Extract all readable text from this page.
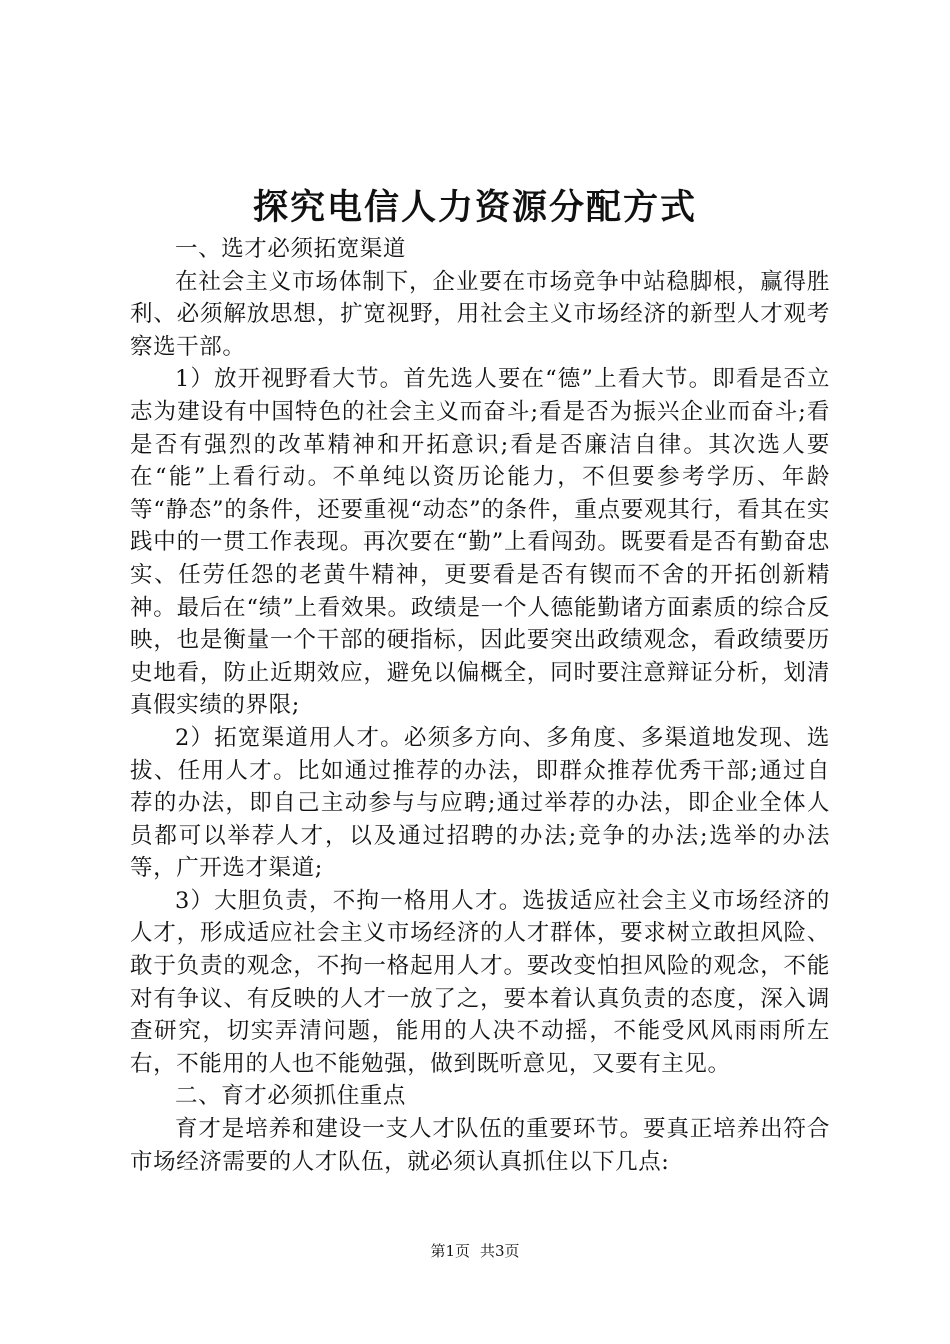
探究电信人力资源分配方式

一、选才必须拓宽渠道

在社会主义市场体制下，企业要在市场竞争中站稳脚根，赢得胜利、必须解放思想，扩宽视野，用社会主义市场经济的新型人才观考察选干部。

1）放开视野看大节。首先选人要在“德”上看大节。即看是否立志为建设有中国特色的社会主义而奋斗;看是否为振兴企业而奋斗;看是否有强烈的改革精神和开拓意识;看是否廉洁自律。其次选人要在“能”上看行动。不单纯以资历论能力，不但要参考学历、年龄等“静态”的条件，还要重视“动态”的条件，重点要观其行，看其在实践中的一贯工作表现。再次要在“勤”上看闯劲。既要看是否有勤奋忠实、任劳任怨的老黄牛精神，更要看是否有锲而不舍的开拓创新精神。最后在“绩”上看效果。政绩是一个人德能勤诸方面素质的综合反映，也是衡量一个干部的硬指标，因此要突出政绩观念，看政绩要历史地看，防止近期效应，避免以偏概全，同时要注意辩证分析，划清真假实绩的界限;

2）拓宽渠道用人才。必须多方向、多角度、多渠道地发现、选拔、任用人才。比如通过推荐的办法，即群众推荐优秀干部;通过自荐的办法，即自己主动参与与应聘;通过举荐的办法，即企业全体人员都可以举荐人才，以及通过招聘的办法;竞争的办法;选举的办法等，广开选才渠道;

3）大胆负责，不拘一格用人才。选拔适应社会主义市场经济的人才，形成适应社会主义市场经济的人才群体，要求树立敢担风险、敢于负责的观念，不拘一格起用人才。要改变怕担风险的观念，不能对有争议、有反映的人才一放了之，要本着认真负责的态度，深入调查研究，切实弄清问题，能用的人决不动摇，不能受风风雨雨所左右，不能用的人也不能勉强，做到既听意见，又要有主见。

二、育才必须抓住重点

育才是培养和建设一支人才队伍的重要环节。要真正培养出符合市场经济需要的人才队伍，就必须认真抓住以下几点:

第1页 共3页
